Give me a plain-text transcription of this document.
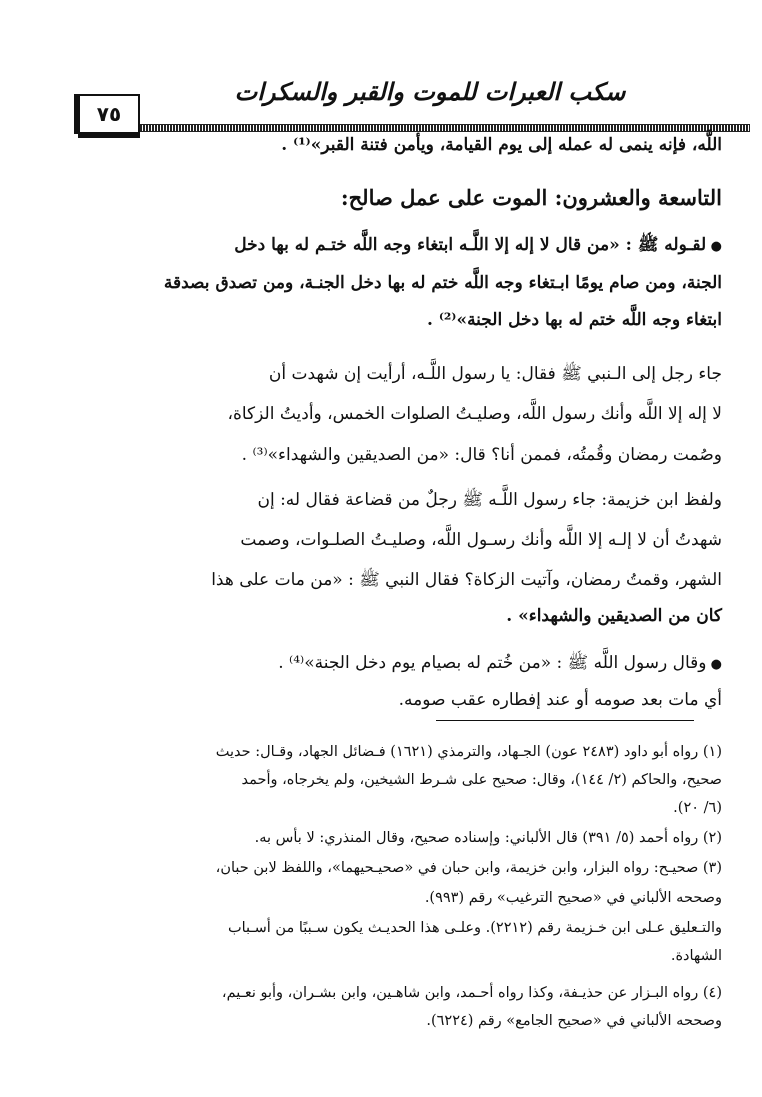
سكب العبرات للموت والقبر والسكرات
٧٥
اللَّه، فإنه ينمى له عمله إلى يوم القيامة، ويأمن فتنة القبر»⁽¹⁾ .
التاسعة والعشرون: الموت على عمل صالح:
● لقـوله ﷺ : «من قال لا إله إلا اللَّـه ابتغاء وجه اللَّه ختـم له بها دخل
الجنة، ومن صام يومًا ابـتغاء وجه اللَّه ختم له بها دخل الجنـة، ومن تصدق بصدقة
ابتغاء وجه اللَّه ختم له بها دخل الجنة»⁽²⁾ .
جاء رجل إلى الـنبي ﷺ فقال: يا رسول اللَّـه، أرأيت إن شهدت أن
لا إله إلا اللَّه وأنك رسول اللَّه، وصليـتُ الصلوات الخمس، وأديتُ الزكاة،
وصُمت رمضان وقُمتُه، فممن أنا؟ قال: «من الصديقين والشهداء»⁽³⁾ .
ولفظ ابن خزيمة: جاء رسول اللَّـه ﷺ رجلٌ من قضاعة فقال له: إن
شهدتُ أن لا إلـه إلا اللَّه وأنك رسـول اللَّه، وصليـتُ الصلـوات، وصمت
الشهر، وقمتُ رمضان، وآتيت الزكاة؟ فقال النبي ﷺ : «من مات على هذا
كان من الصديقين والشهداء» .
● وقال رسول اللَّه ﷺ : «من خُتم له بصيام يوم دخل الجنة»⁽⁴⁾ .
أي مات بعد صومه أو عند إفطاره عقب صومه.
(١) رواه أبو داود (٢٤٨٣ عون) الجـهاد، والترمذي (١٦٢١) فـضائل الجهاد، وقـال: حديث
صحيح، والحاكم (٢/ ١٤٤)، وقال: صحيح على شـرط الشيخين، ولم يخرجاه، وأحمد
(٦/ ٢٠).
(٢) رواه أحمد (٥/ ٣٩١) قال الألباني: وإسناده صحيح، وقال المنذري: لا بأس به.
(٣) صحيـح: رواه البزار، وابن خزيمة، وابن حبان في «صحيـحيهما»، واللفظ لابن حبان،
وصححه الألباني في «صحيح الترغيب» رقم (٩٩٣).
والتـعليق عـلى ابن خـزيمة رقم (٢٢١٢). وعلـى هذا الحديـث يكون سـببًا من أسـباب
الشهادة.
(٤) رواه البـزار عن حذيـفة، وكذا رواه أحـمد، وابن شاهـين، وابن بشـران، وأبو نعـيم،
وصححه الألباني في «صحيح الجامع» رقم (٦٢٢٤).
